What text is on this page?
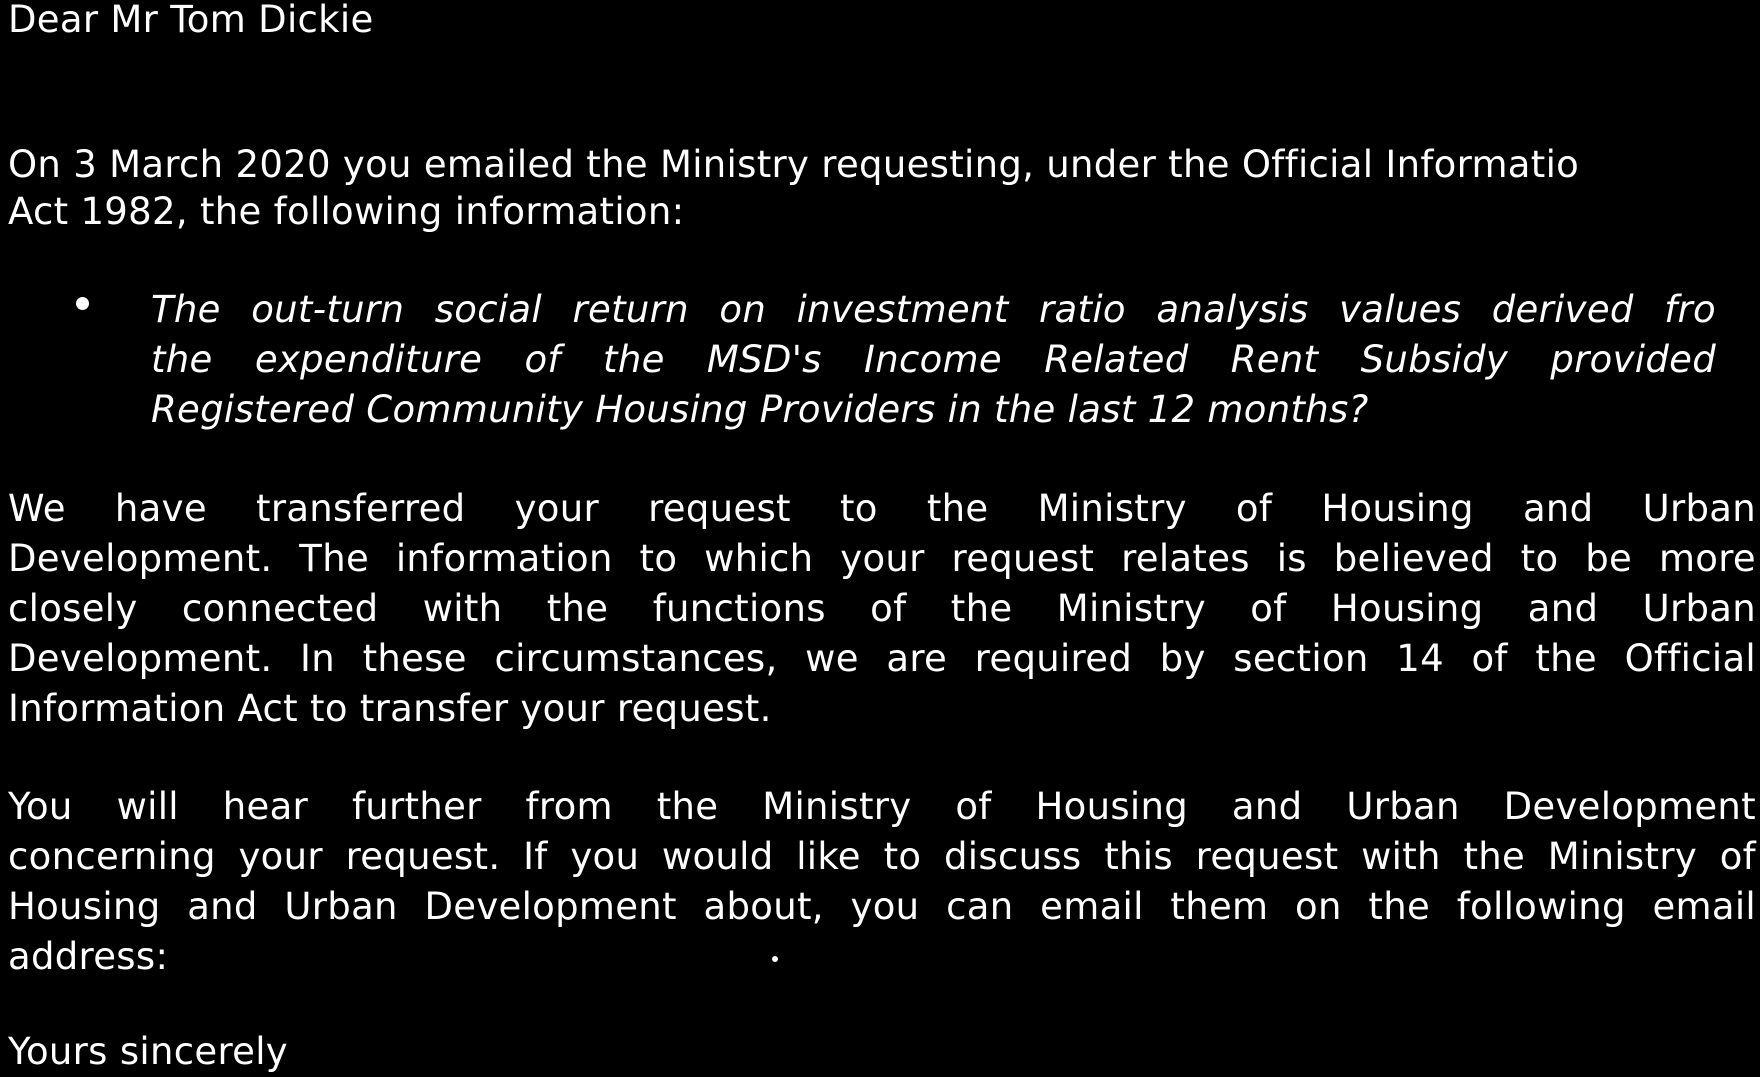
Dear Mr Tom Dickie
On 3 March 2020 you emailed the Ministry requesting, under the Official Informatio
Act 1982, the following information:
The out-turn social return on investment ratio analysis values derived fro
the expenditure of the MSD's Income Related Rent Subsidy provided
Registered Community Housing Providers in the last 12 months?
We have transferred your request to the Ministry of Housing and Urban
Development. The information to which your request relates is believed to be more
closely connected with the functions of the Ministry of Housing and Urban
Development. In these circumstances, we are required by section 14 of the Official
Information Act to transfer your request.
You will hear further from the Ministry of Housing and Urban Development
concerning your request. If you would like to discuss this request with the Ministry of
Housing and Urban Development about, you can email them on the following email
address:
Yours sincerely
